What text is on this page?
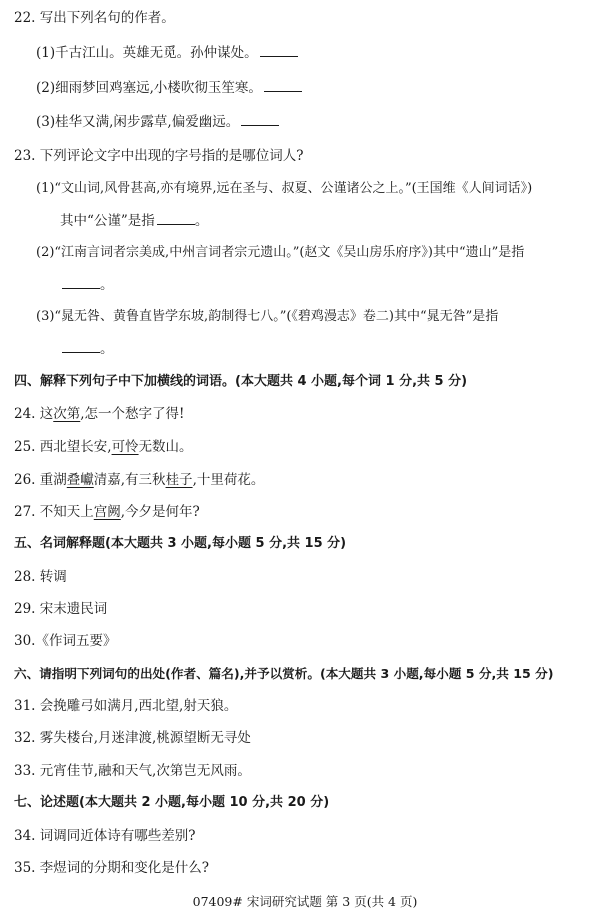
22. 写出下列名句的作者。
(1)千古江山。英雄无觅。孙仲谋处。
(2)细雨梦回鸡塞远,小楼吹彻玉笙寒。
(3)桂华又满,闲步露草,偏爱幽远。
23. 下列评论文字中出现的字号指的是哪位词人?
(1)“文山词,风骨甚高,亦有境界,远在圣与、叔夏、公谨诸公之上。”(王国维《人间词话》)
其中“公谨”是指	。
(2)“江南言词者宗美成,中州言词者宗元遗山。”(赵文《吴山房乐府序》)其中“遗山”是指
。
(3)“晁无咎、黄鲁直皆学东坡,韵制得七八。”(《碧鸡漫志》卷二)其中“晁无咎”是指
。
四、解释下列句子中下加横线的词语。(本大题共 4 小题,每个词 1 分,共 5 分)
24. 这次第,怎一个愁字了得!
25. 西北望长安,可怜无数山。
26. 重湖叠巘清嘉,有三秋桂子,十里荷花。
27. 不知天上宫阙,今夕是何年?
五、名词解释题(本大题共 3 小题,每小题 5 分,共 15 分)
28. 转调
29. 宋末遗民词
30.《作词五要》
六、请指明下列词句的出处(作者、篇名),并予以赏析。(本大题共 3 小题,每小题 5 分,共 15 分)
31. 会挽雕弓如满月,西北望,射天狼。
32. 雾失楼台,月迷津渡,桃源望断无寻处
33. 元宵佳节,融和天气,次第岂无风雨。
七、论述题(本大题共 2 小题,每小题 10 分,共 20 分)
34. 词调同近体诗有哪些差别?
35. 李煜词的分期和变化是什么?
07409# 宋词研究试题 第 3 页(共 4 页)
